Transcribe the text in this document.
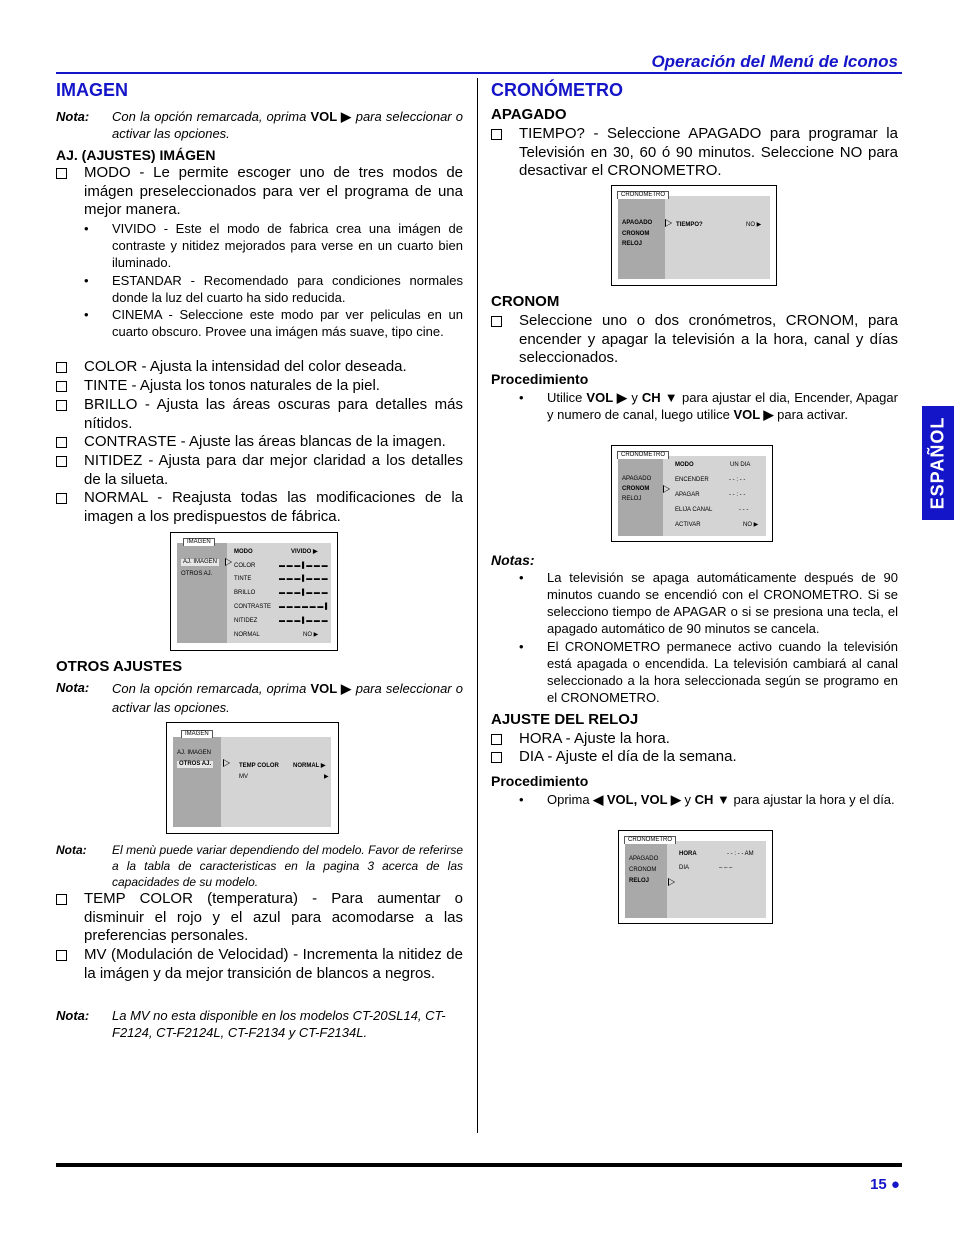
Operación del Menú de Iconos
ESPAÑOL
IMAGEN
Nota: Con la opción remarcada, oprima VOL ▶ para seleccionar o activar las opciones.
AJ. (AJUSTES) IMÁGEN
MODO - Le permite escoger uno de tres modos de imágen preseleccionados para ver el programa de una mejor manera.
• VIVIDO - Este el modo de fabrica crea una imágen de contraste y nitidez mejorados para verse en un cuarto bien iluminado.
• ESTANDAR - Recomendado para condiciones normales donde la luz del cuarto ha sido reducida.
• CINEMA - Seleccione este modo par ver peliculas en un cuarto obscuro. Provee una imágen más suave, tipo cine.
COLOR - Ajusta la intensidad del color deseada.
TINTE - Ajusta los tonos naturales de la piel.
BRILLO - Ajusta las áreas oscuras para detalles más nítidos.
CONTRASTE - Ajuste las áreas blancas de la imagen.
NITIDEZ - Ajusta para dar mejor claridad a los detalles de la silueta.
NORMAL - Reajusta todas las modificaciones de la imagen a los predispuestos de fábrica.
IMAGEN
AJ. IMAGEN
OTROS AJ.
MODO	VIVIDO ▶
COLOR	▬ ▬ ▬ ▌▬ ▬ ▬
TINTE	▬ ▬ ▬ ▌▬ ▬ ▬
BRILLO	▬ ▬ ▬ ▌▬ ▬ ▬
CONTRASTE ▬ ▬ ▬ ▬ ▬ ▬ ▌
NITIDEZ	▬ ▬ ▬ ▌▬ ▬ ▬
NORMAL	NO ▶
OTROS AJUSTES
Nota: Con la opción remarcada, oprima VOL ▶ para seleccionar o activar las opciones.
IMAGEN
AJ. IMAGEN
OTROS AJ.	TEMP COLOR NORMAL ▶
MV	▶
Nota: El menù puede variar dependiendo del modelo. Favor de referirse a la tabla de caracteristicas en la pagina 3 acerca de las capacidades de su modelo.
TEMP COLOR (temperatura) - Para aumentar o disminuir el rojo y el azul para acomodarse a las preferencias personales.
MV (Modulación de Velocidad) - Incrementa la nitidez de la imágen y da mejor transición de blancos a negros.
Nota: La MV no esta disponible en los modelos CT-20SL14, CT-F2124, CT-F2124L, CT-F2134 y CT-F2134L.
CRONÓMETRO
APAGADO
TIEMPO? - Seleccione APAGADO para programar la Televisión en 30, 60 ó 90 minutos. Seleccione NO para desactivar el CRONOMETRO.
CRONOMETRO
APAGADO
CRONOM
RELOJ
TIEMPO?	NO ▶
CRONOM
Seleccione uno o dos cronómetros, CRONOM, para encender y apagar la televisión a la hora, canal y días seleccionados.
Procedimiento
• Utilice VOL ▶ y CH ▼ para ajustar el dia, Encender, Apagar y numero de canal, luego utilice VOL ▶ para activar.
CRONOMETRO
APAGADO
CRONOM
RELOJ
MODO	UN DIA
ENCENDER	- - : - -
APAGAR	- - : - -
ELIJA CANAL	- - -
ACTIVAR	NO ▶
Notas:
• La televisión se apaga automáticamente después de 90 minutos cuando se encendió con el CRONOMETRO. Si se selecciono tiempo de APAGAR o si se presiona una tecla, el apagado automático de 90 minutos se cancela.
• El CRONOMETRO permanece activo cuando la televisión está apagada o encendida. La televisión cambiará al canal seleccionado a la hora seleccionada según se programo en el CRONOMETRO.
AJUSTE DEL RELOJ
HORA - Ajuste la hora.
DIA - Ajuste el día de la semana.
Procedimiento
• Oprima ◀ VOL, VOL ▶ y CH ▼ para ajustar la hora y el día.
CRONOMETRO
APAGADO
CRONOM
RELOJ
HORA	- - : - - AM
DIA	– – –
15 ●
